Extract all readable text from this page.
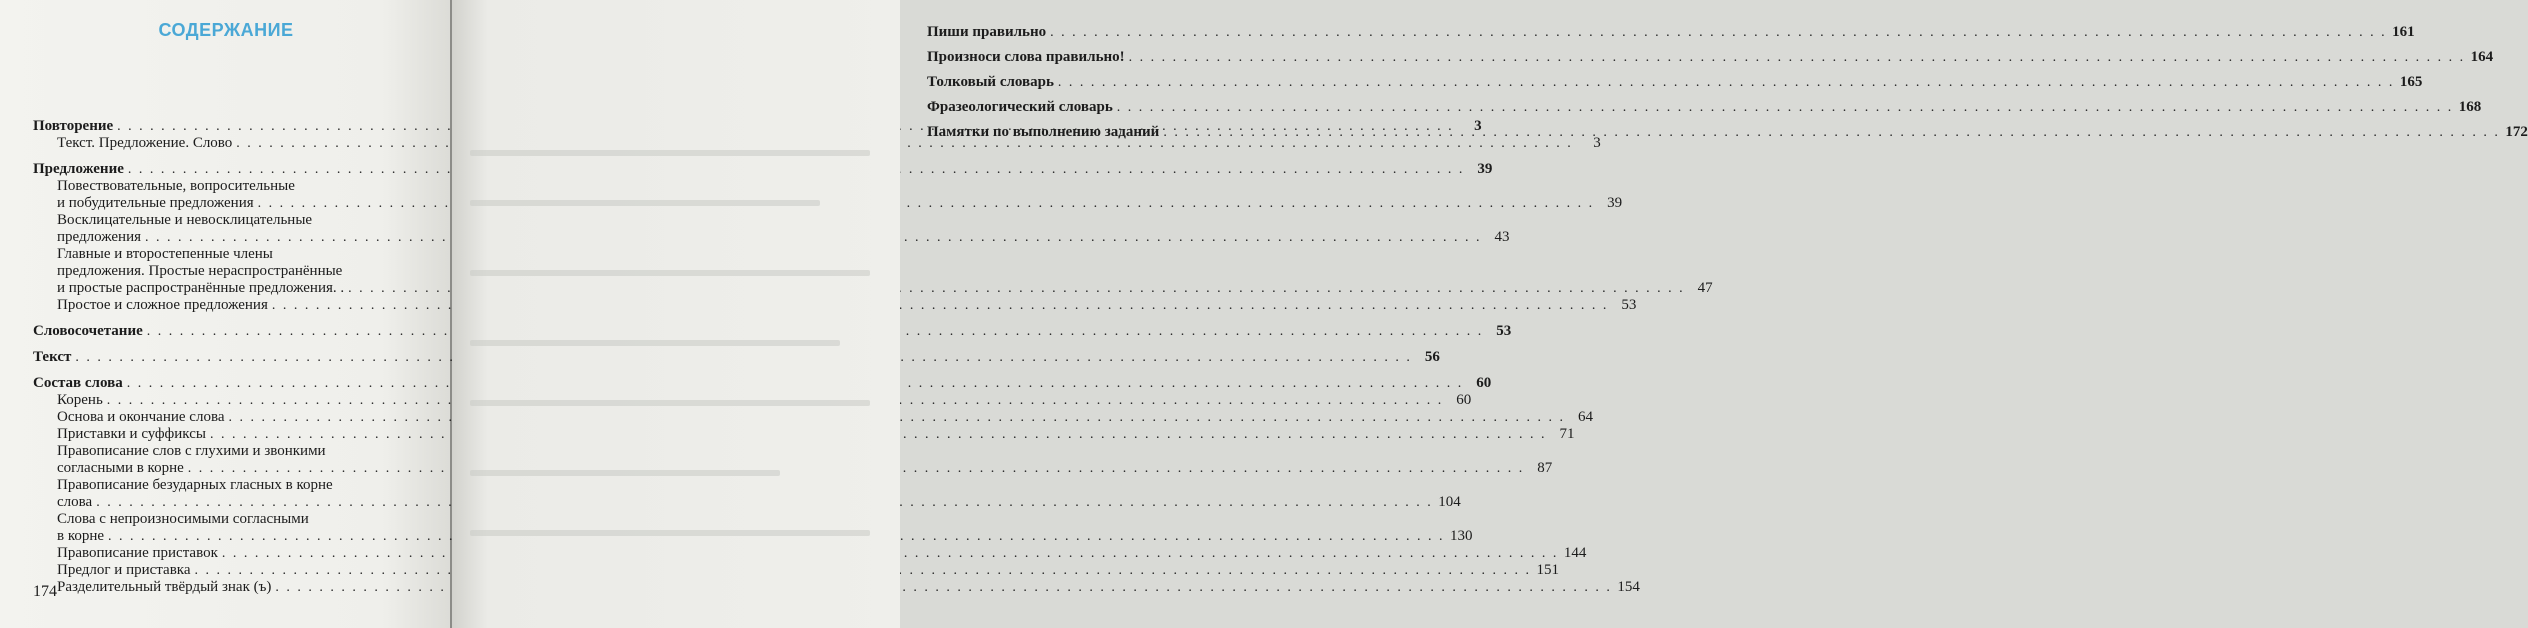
СОДЕРЖАНИЕ
Повторение . . .	3
Текст. Предложение. Слово . . .	3
Предложение . . .	39
Повествовательные, вопросительные
и побудительные предложения . . .	39
Восклицательные и невосклицательные
предложения . . .	43
Главные и второстепенные члены
предложения. Простые нераспространённые
и простые распространённые предложения. . . . .	47
Простое и сложное предложения . . .	53
Словосочетание . . .	53
Текст . . .	56
Состав слова . . .	60
Корень . . .	60
Основа и окончание слова . . .	64
Приставки и суффиксы . . .	71
Правописание слов с глухими и звонкими
согласными в корне . . .	87
Правописание безударных гласных в корне
слова . . .	104
Слова с непроизносимыми согласными
в корне . . .	130
Правописание приставок . . .	144
Предлог и приставка . . .	151
Разделительный твёрдый знак (ъ) . . .	154
174
Пиши правильно . . .	161
Произноси слова правильно! . . .	164
Толковый словарь . . .	165
Фразеологический словарь . . .	168
Памятки по выполнению заданий . . .	172
